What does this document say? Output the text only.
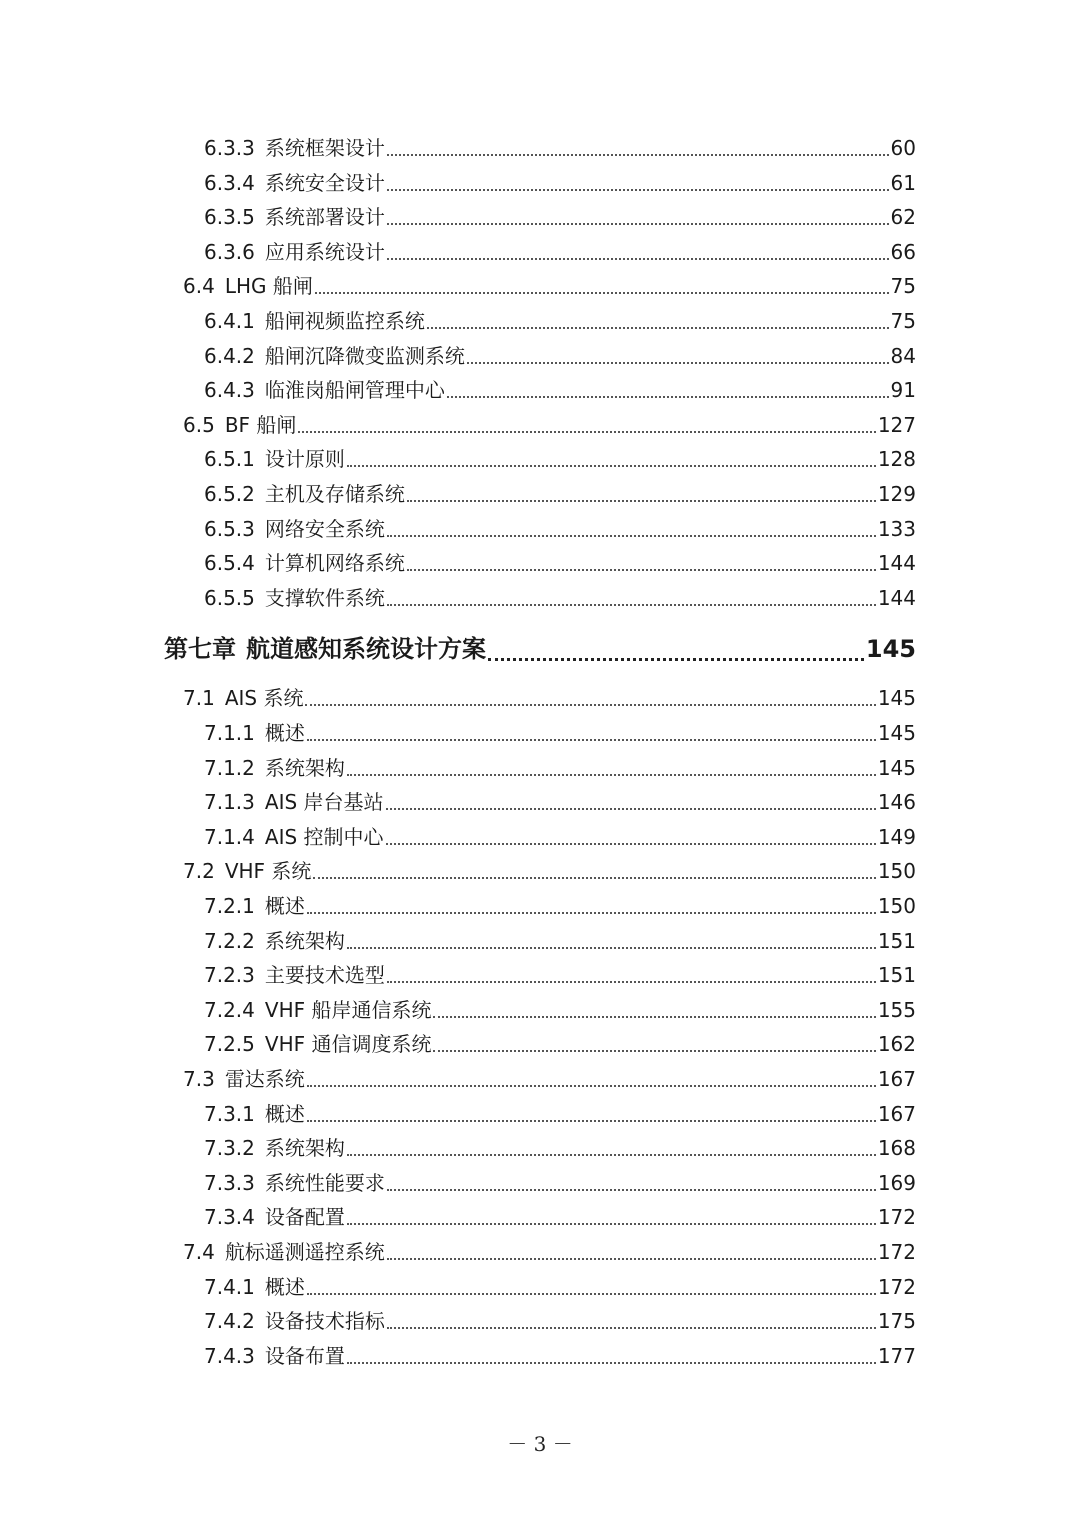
6.3.3 系统框架设计	60
6.3.4 系统安全设计	61
6.3.5 系统部署设计	62
6.3.6 应用系统设计	66
6.4 LHG 船闸	75
6.4.1 船闸视频监控系统	75
6.4.2 船闸沉降微变监测系统	84
6.4.3 临淮岗船闸管理中心	91
6.5 BF 船闸	127
6.5.1 设计原则	128
6.5.2 主机及存储系统	129
6.5.3 网络安全系统	133
6.5.4 计算机网络系统	144
6.5.5 支撑软件系统	144
第七章 航道感知系统设计方案	145
7.1 AIS 系统	145
7.1.1 概述	145
7.1.2 系统架构	145
7.1.3 AIS 岸台基站	146
7.1.4 AIS 控制中心	149
7.2 VHF 系统	150
7.2.1 概述	150
7.2.2 系统架构	151
7.2.3 主要技术选型	151
7.2.4 VHF 船岸通信系统	155
7.2.5 VHF 通信调度系统	162
7.3 雷达系统	167
7.3.1 概述	167
7.3.2 系统架构	168
7.3.3 系统性能要求	169
7.3.4 设备配置	172
7.4 航标遥测遥控系统	172
7.4.1 概述	172
7.4.2 设备技术指标	175
7.4.3 设备布置	177
－ 3 －
